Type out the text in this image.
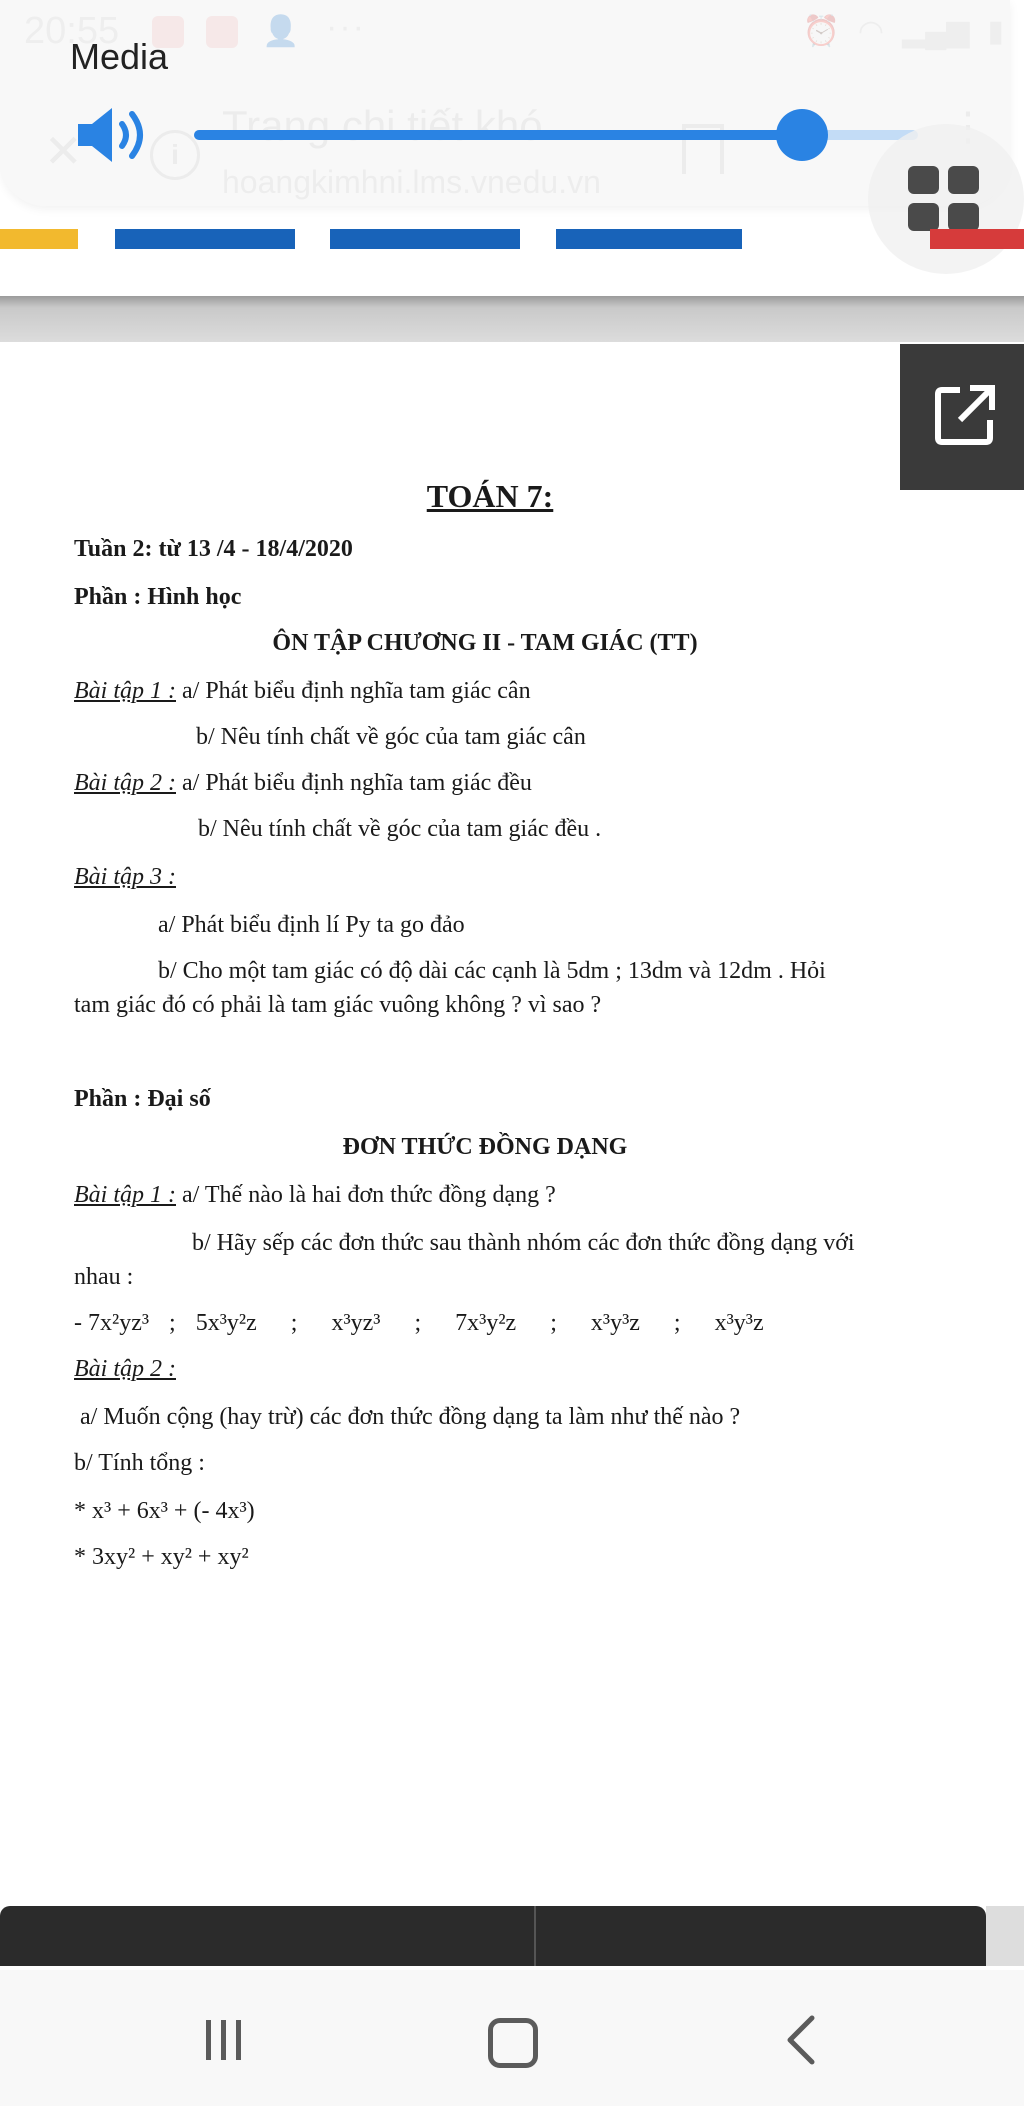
Media
TOÁN 7:
Tuần 2: từ 13 /4 - 18/4/2020
Phần : Hình học
ÔN TẬP CHƯƠNG II - TAM GIÁC (TT)
Bài tập 1 : a/ Phát biểu định nghĩa tam giác cân
b/ Nêu tính chất về góc của tam giác cân
Bài tập 2 : a/ Phát biểu định nghĩa tam giác đều
b/ Nêu tính chất về góc của tam giác đều .
Bài tập 3 :
a/ Phát biểu định lí Py ta go đảo
b/ Cho một tam giác có độ dài các cạnh là 5dm ; 13dm và 12dm . Hỏi
tam giác đó có phải là tam giác vuông không ? vì sao ?
Phần : Đại số
ĐƠN THỨC ĐỒNG DẠNG
Bài tập 1 : a/ Thế nào là hai đơn thức đồng dạng ?
b/ Hãy sếp các đơn thức sau thành nhóm các đơn thức đồng dạng với
nhau :
- 7x²yz³ ; 5x³y²z ; x³yz³ ; 7x³y²z ; x³y³z ; x³y³z
Bài tập 2 :
a/ Muốn cộng (hay trừ) các đơn thức đồng dạng ta làm như thế nào ?
b/ Tính tổng :
* x³ + 6x³ + (- 4x³)
* 3xy² + xy² + xy²
